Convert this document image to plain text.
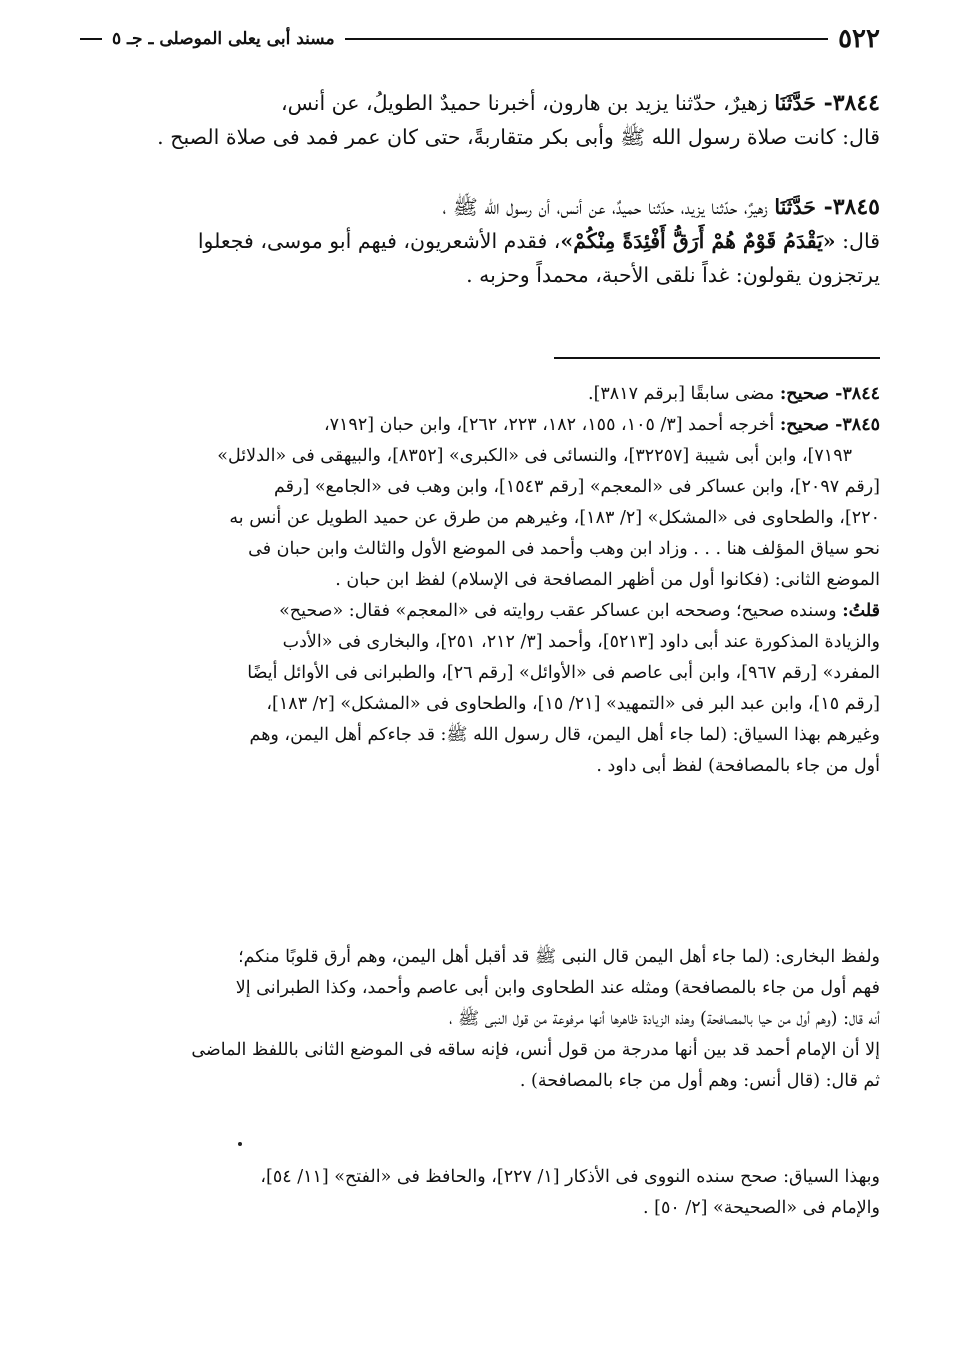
٥٢٢
مسند أبى يعلى الموصلى ـ جـ ٥
٣٨٤٤- حَدَّثَنَا زهيرٌ، حدّثنا يزيد بن هارون، أخبرنا حميدٌ الطويلُ، عن أنس،
قال: كانت صلاة رسول الله ﷺ وأبى بكر متقاربةً، حتى كان عمر فمد فى صلاة الصبح .
٣٨٤٥- حَدَّثَنَا زهيرٌ، حدّثنا يزيد، حدّثنا حميدٌ، عن أنس، أن رسول الله ﷺ ،
قال: «يَقْدَمُ قَوْمٌ هُمْ أَرَقُّ أَفْئِدَةً مِنْكُمْ»، فقدم الأشعريون، فيهم أبو موسى، فجعلوا
يرتجزون يقولون: غداً نلقى الأحبة، محمداً وحزبه .
٣٨٤٤- صحيح: مضى سابقًا [برقم ٣٨١٧].
٣٨٤٥- صحيح: أخرجه أحمد [٣/ ١٠٥، ١٥٥، ١٨٢، ٢٢٣، ٢٦٢]، وابن حبان [٧١٩٢،
٧١٩٣]، وابن أبى شيبة [٣٢٢٥٧]، والنسائى فى «الكبرى» [٨٣٥٢]، والبيهقى فى «الدلائل»
[رقم ٢٠٩٧]، وابن عساكر فى «المعجم» [رقم ١٥٤٣]، وابن وهب فى «الجامع» [رقم
٢٢٠]، والطحاوى فى «المشكل» [٢/ ١٨٣]، وغيرهم من طرق عن حميد الطويل عن أنس به
نحو سياق المؤلف هنا . . . وزاد ابن وهب وأحمد فى الموضع الأول والثالث وابن حبان فى
الموضع الثانى: (فكانوا أول من أظهر المصافحة فى الإسلام) لفظ ابن حبان .
قلتُ: وسنده صحيح؛ وصححه ابن عساكر عقب روايته فى «المعجم» فقال: «صحيح»
والزيادة المذكورة عند أبى داود [٥٢١٣]، وأحمد [٣/ ٢١٢، ٢٥١]، والبخارى فى «الأدب
المفرد» [رقم ٩٦٧]، وابن أبى عاصم فى «الأوائل» [رقم ٢٦]، والطبرانى فى الأوائل أيضًا
[رقم ١٥]، وابن عبد البر فى «التمهيد» [٢١/ ١٥]، والطحاوى فى «المشكل» [٢/ ١٨٣]،
وغيرهم بهذا السياق: (لما جاء أهل اليمن، قال رسول الله ﷺ: قد جاءكم أهل اليمن، وهم
أول من جاء بالمصافحة) لفظ أبى داود .
ولفظ البخارى: (لما جاء أهل اليمن قال النبى ﷺ قد أقبل أهل اليمن، وهم أرق قلوبًا منكم؛
فهم أول من جاء بالمصافحة) ومثله عند الطحاوى وابن أبى عاصم وأحمد، وكذا الطبرانى إلا
أنه قال: (وهم أول من حيا بالمصافحة) وهذه الزيادة ظاهرها أنها مرفوعة من قول النبى ﷺ ،
إلا أن الإمام أحمد قد بين أنها مدرجة من قول أنس، فإنه ساقه فى الموضع الثانى باللفظ الماضى
ثم قال: (قال أنس: وهم أول من جاء بالمصافحة) .
وبهذا السياق: صحح سنده النووى فى الأذكار [١/ ٢٢٧]، والحافظ فى «الفتح» [١١/ ٥٤]،
والإمام فى «الصحيحة» [٢/ ٥٠] .
